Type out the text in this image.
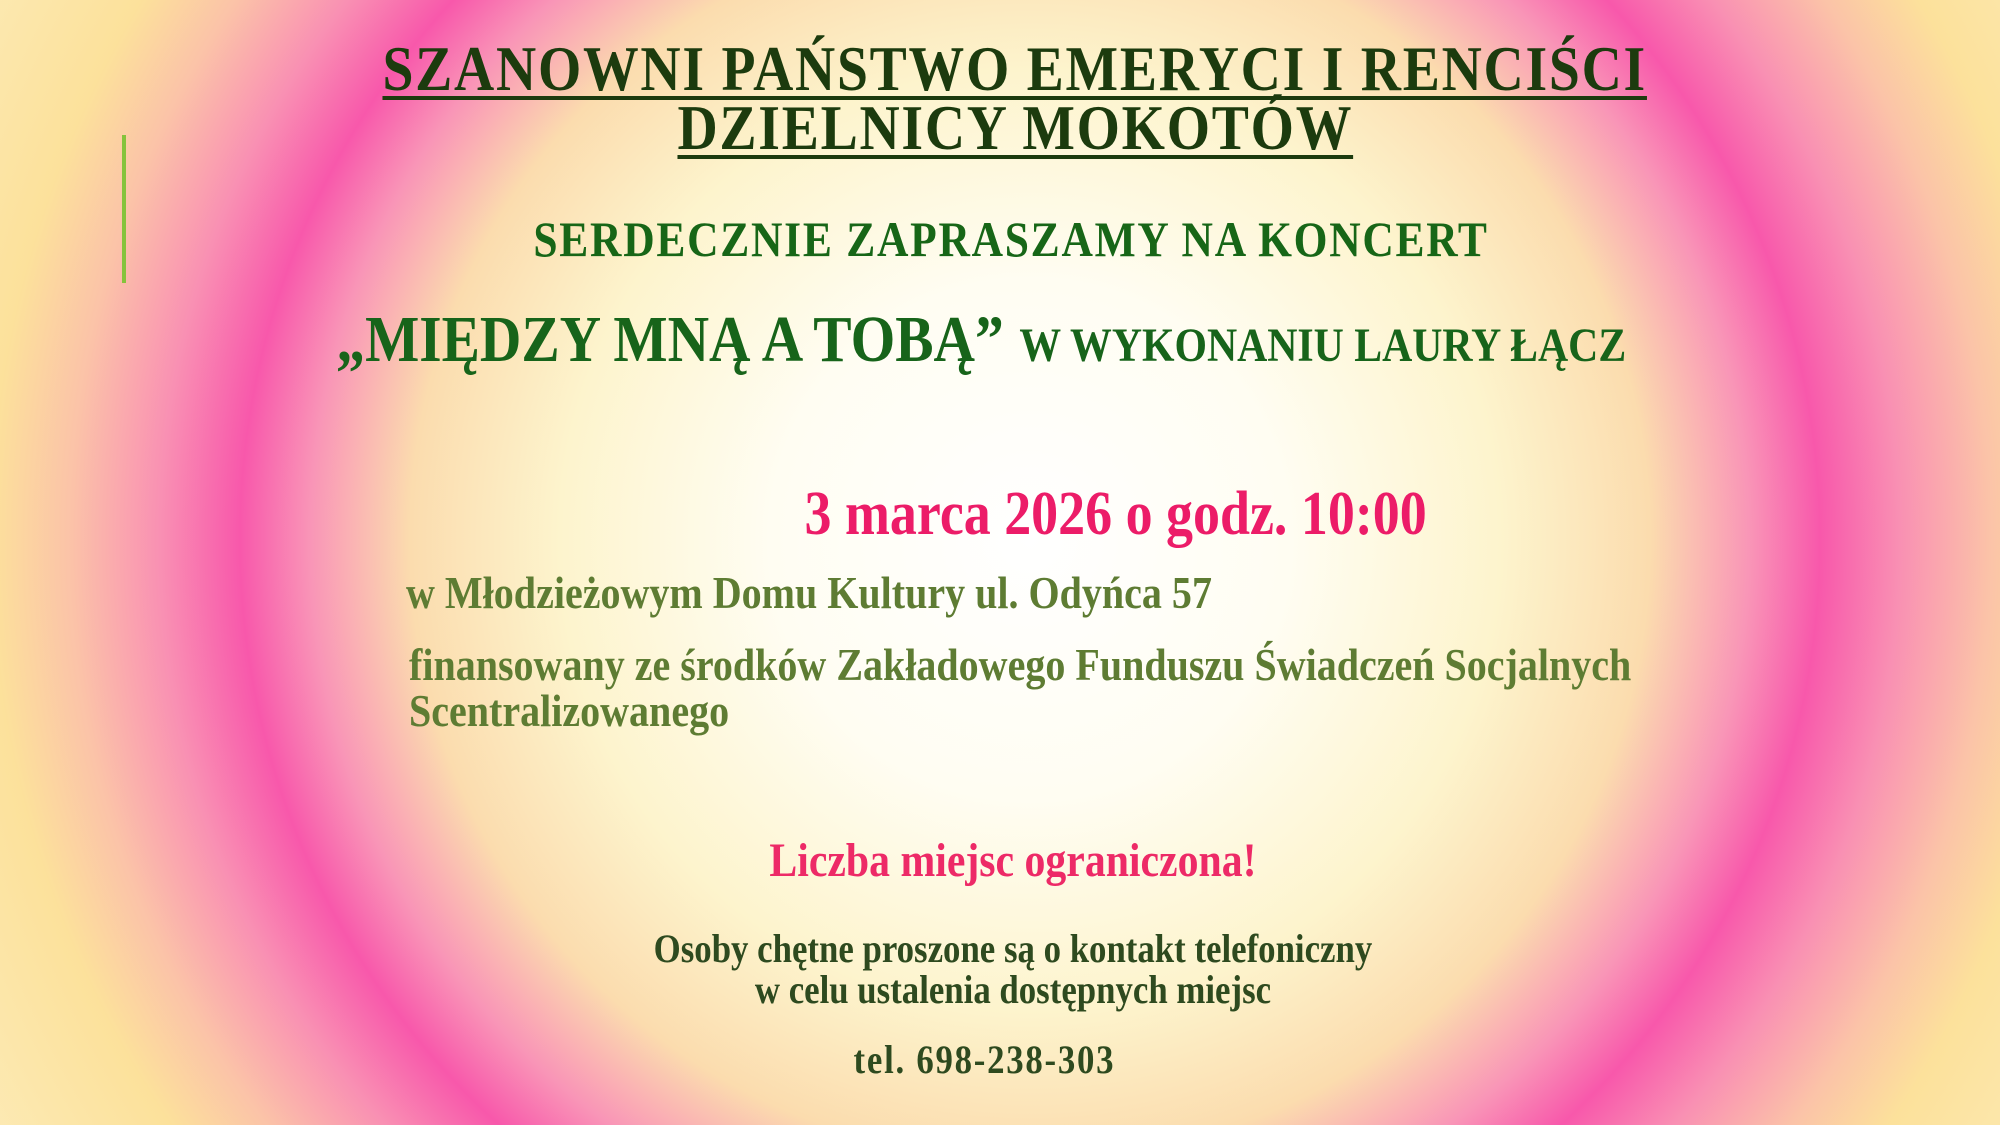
SZANOWNI PAŃSTWO EMERYCI I RENCIŚCI
DZIELNICY MOKOTÓW
SERDECZNIE ZAPRASZAMY NA KONCERT
„MIĘDZY MNĄ A TOBĄ” W WYKONANIU LAURY ŁĄCZ
3 marca 2026 o godz. 10:00
w Młodzieżowym Domu Kultury ul. Odyńca 57
finansowany ze środków Zakładowego Funduszu Świadczeń Socjalnych
Scentralizowanego
Liczba miejsc ograniczona!
Osoby chętne proszone są o kontakt telefoniczny
w celu ustalenia dostępnych miejsc
tel. 698-238-303
